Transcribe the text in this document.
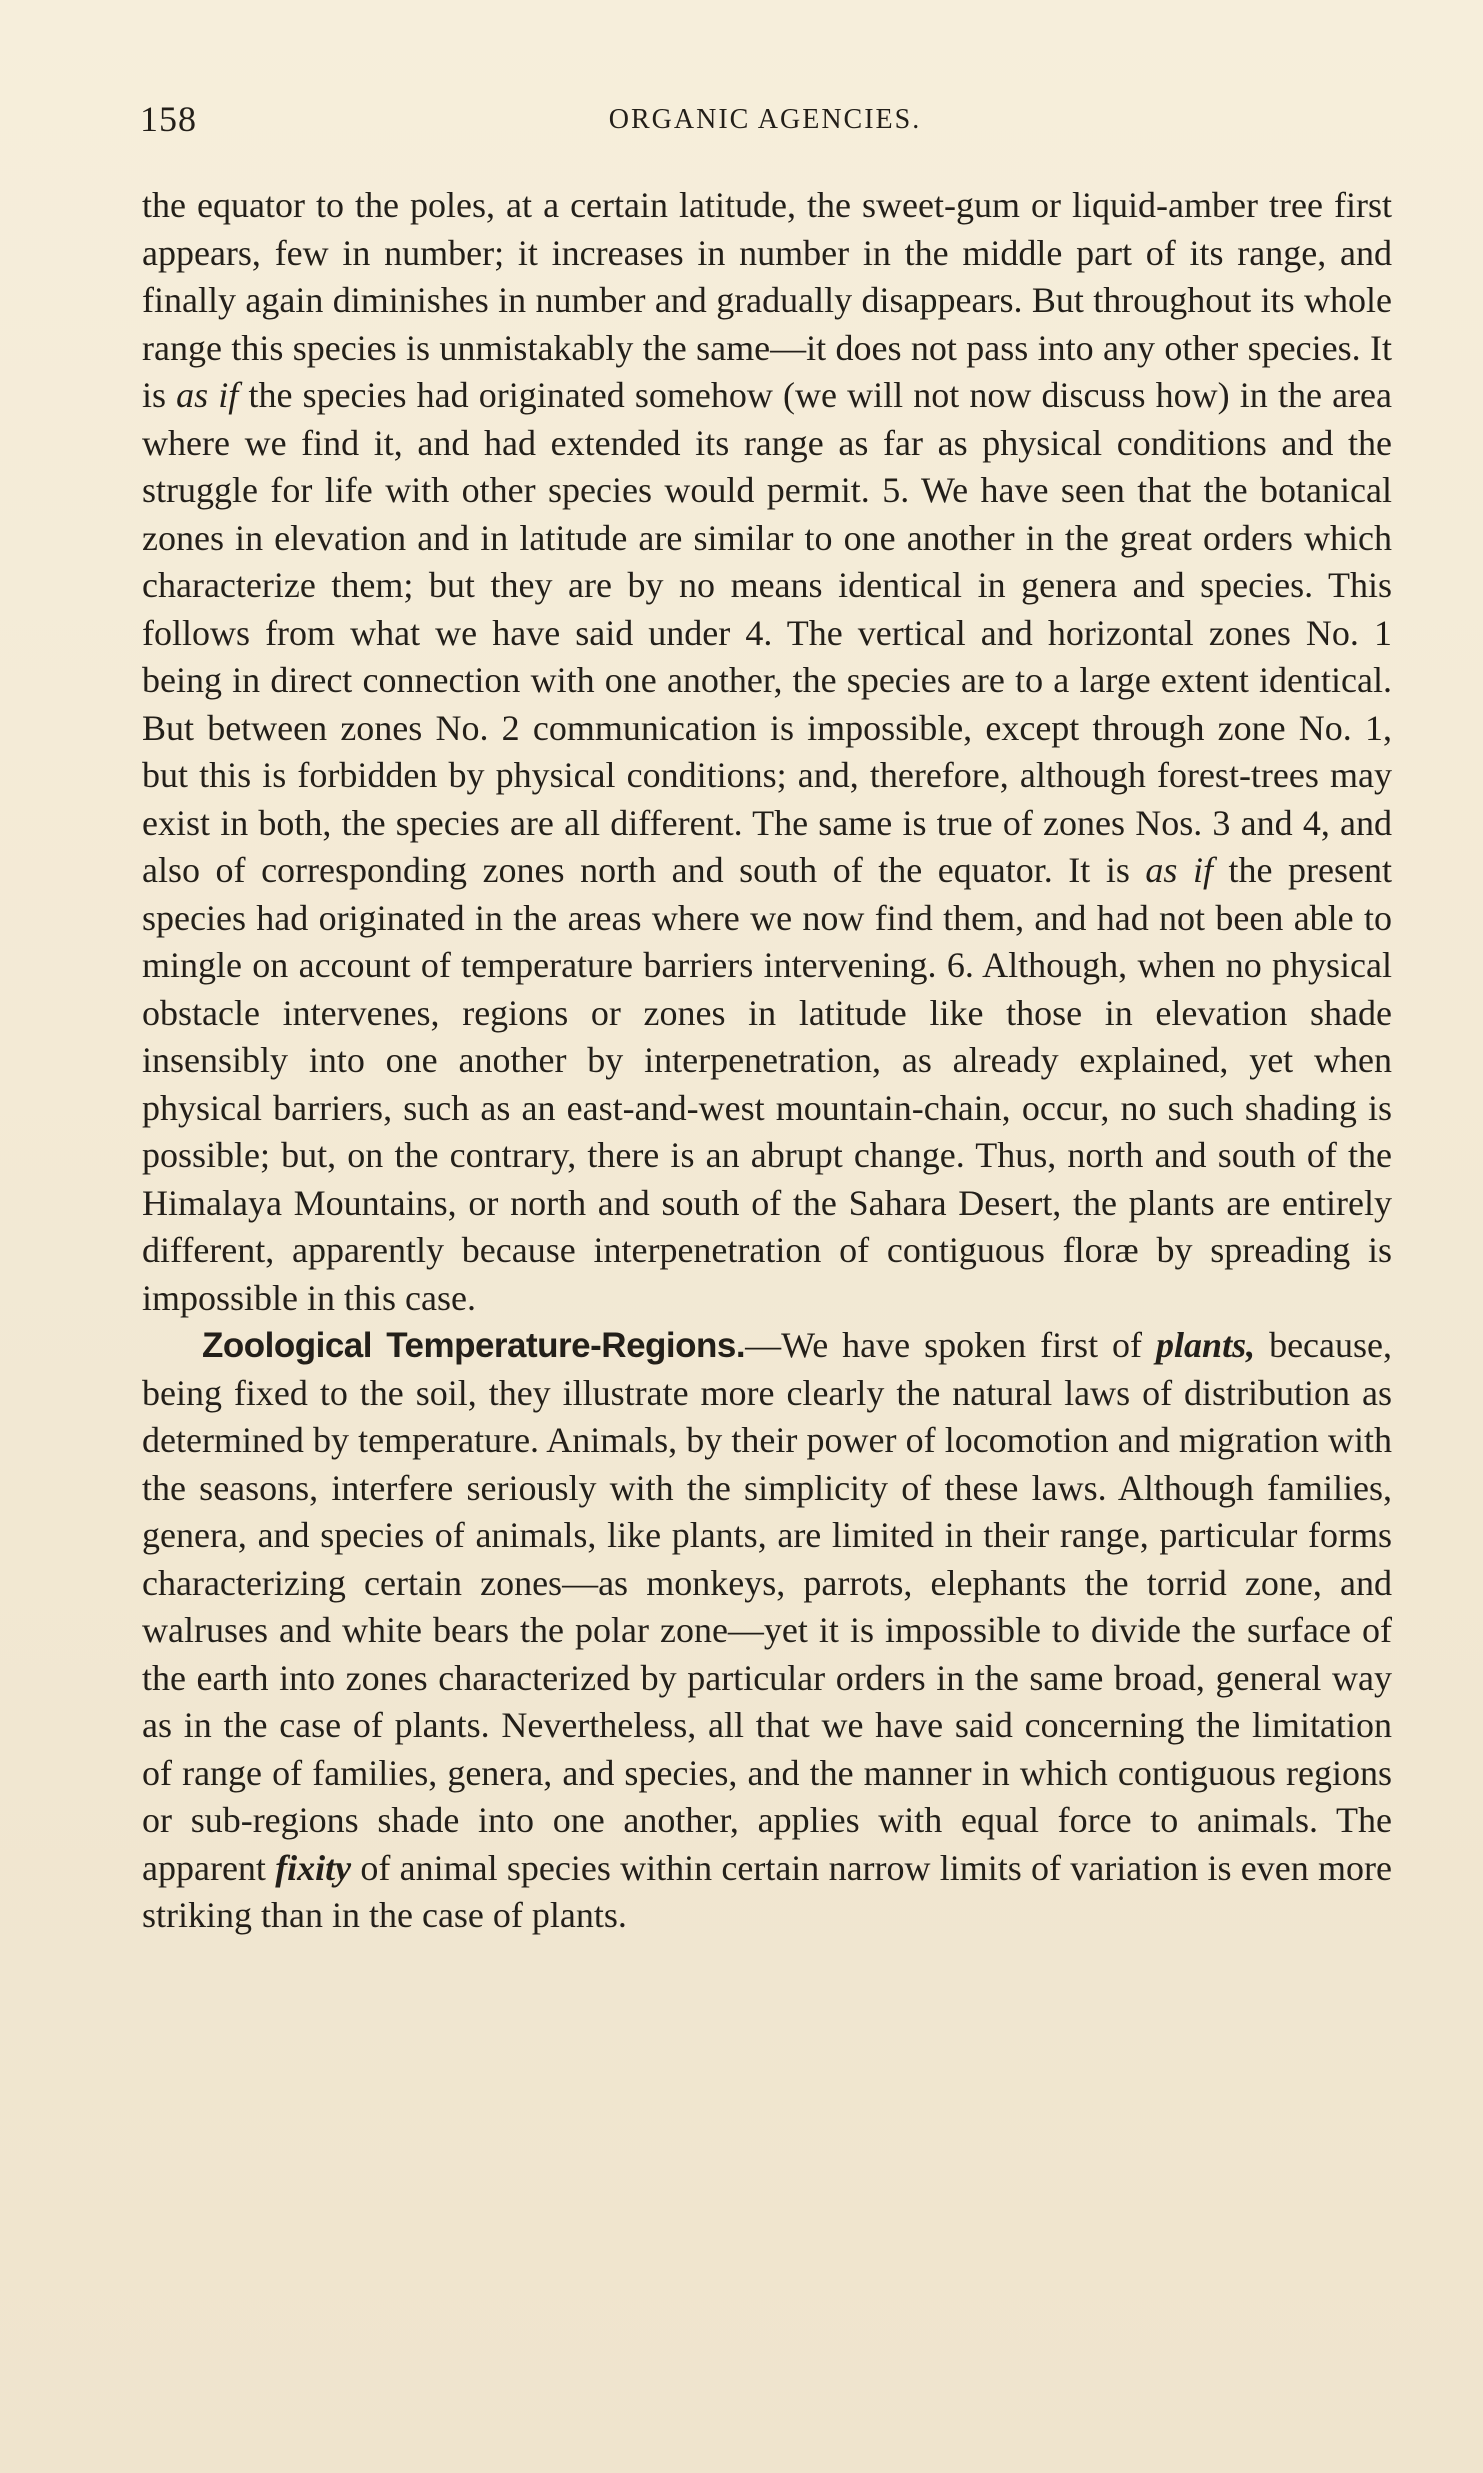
158	ORGANIC AGENCIES.

the equator to the poles, at a certain latitude, the sweet-gum or liquid-amber tree first appears, few in number; it increases in number in the middle part of its range, and finally again diminishes in number and gradually disappears. But throughout its whole range this species is unmistakably the same—it does not pass into any other species. It is as if the species had originated somehow (we will not now discuss how) in the area where we find it, and had extended its range as far as physical conditions and the struggle for life with other species would permit. 5. We have seen that the botanical zones in elevation and in latitude are similar to one another in the great orders which characterize them; but they are by no means identical in genera and species. This follows from what we have said under 4. The vertical and horizontal zones No. 1 being in direct connection with one another, the species are to a large extent identical. But between zones No. 2 communication is impossible, except through zone No. 1, but this is forbidden by physical conditions; and, therefore, although forest-trees may exist in both, the species are all different. The same is true of zones Nos. 3 and 4, and also of corresponding zones north and south of the equator. It is as if the present species had originated in the areas where we now find them, and had not been able to mingle on account of temperature barriers intervening. 6. Although, when no physical obstacle intervenes, regions or zones in latitude like those in elevation shade insensibly into one another by interpenetration, as already explained, yet when physical barriers, such as an east-and-west mountain-chain, occur, no such shading is possible; but, on the contrary, there is an abrupt change. Thus, north and south of the Himalaya Mountains, or north and south of the Sahara Desert, the plants are entirely different, apparently because interpenetration of contiguous floræ by spreading is impossible in this case.

Zoological Temperature-Regions.—We have spoken first of plants, because, being fixed to the soil, they illustrate more clearly the natural laws of distribution as determined by temperature. Animals, by their power of locomotion and migration with the seasons, interfere seriously with the simplicity of these laws. Although families, genera, and species of animals, like plants, are limited in their range, particular forms characterizing certain zones—as monkeys, parrots, elephants the torrid zone, and walruses and white bears the polar zone—yet it is impossible to divide the surface of the earth into zones characterized by particular orders in the same broad, general way as in the case of plants. Nevertheless, all that we have said concerning the limitation of range of families, genera, and species, and the manner in which contiguous regions or sub-regions shade into one another, applies with equal force to animals. The apparent fixity of animal species within certain narrow limits of variation is even more striking than in the case of plants.
